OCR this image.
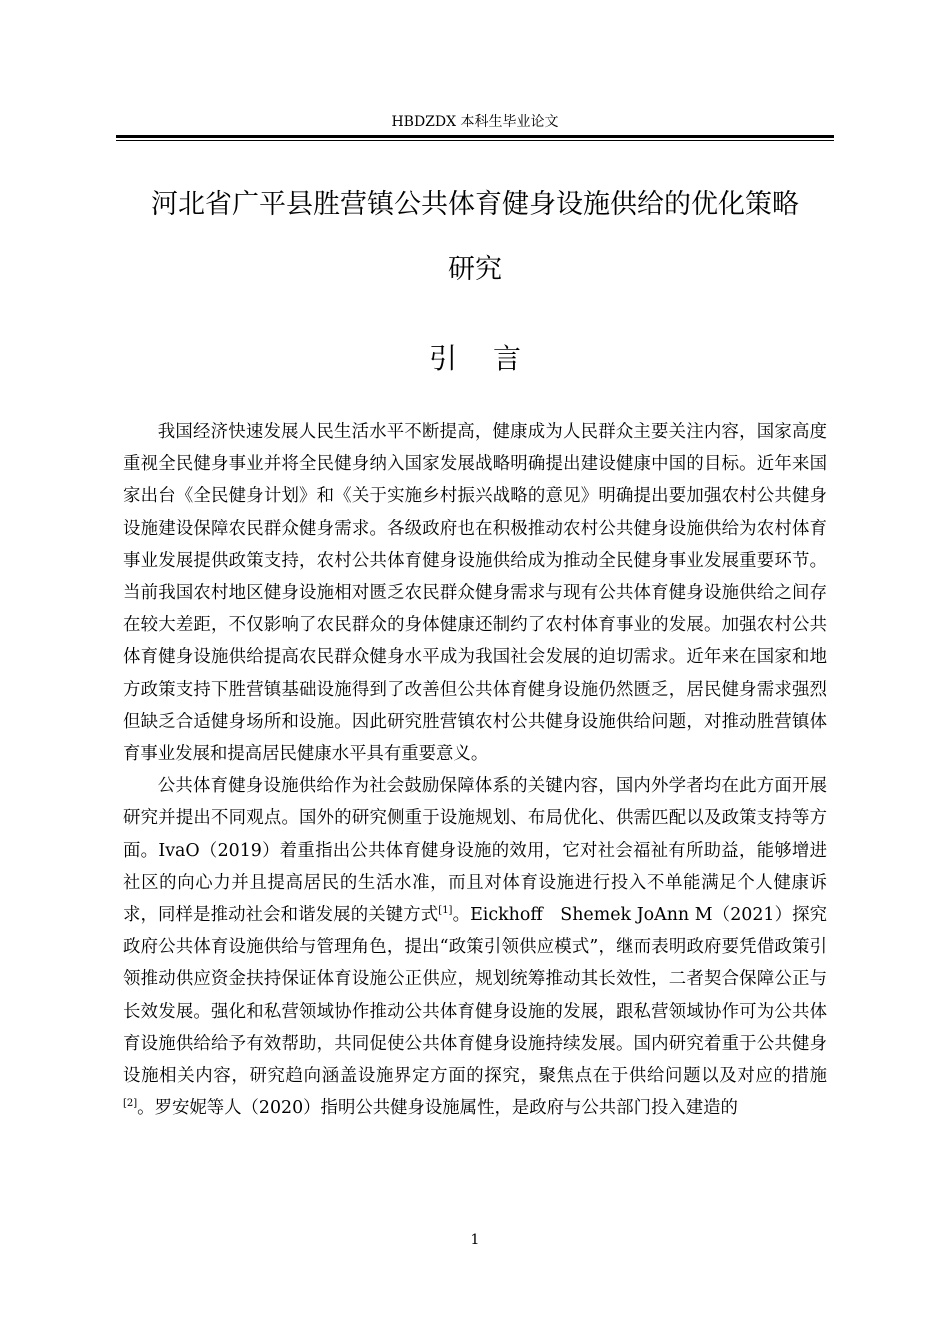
HBDZDX 本科生毕业论文
河北省广平县胜营镇公共体育健身设施供给的优化策略
研究
引言

我国经济快速发展人民生活水平不断提高，健康成为人民群众主要关注内容，国家高度重视全民健身事业并将全民健身纳入国家发展战略明确提出建设健康中国的目标。近年来国家出台《全民健身计划》和《关于实施乡村振兴战略的意见》明确提出要加强农村公共健身设施建设保障农民群众健身需求。各级政府也在积极推动农村公共健身设施供给为农村体育事业发展提供政策支持，农村公共体育健身设施供给成为推动全民健身事业发展重要环节。当前我国农村地区健身设施相对匮乏农民群众健身需求与现有公共体育健身设施供给之间存在较大差距，不仅影响了农民群众的身体健康还制约了农村体育事业的发展。加强农村公共体育健身设施供给提高农民群众健身水平成为我国社会发展的迫切需求。近年来在国家和地方政策支持下胜营镇基础设施得到了改善但公共体育健身设施仍然匮乏，居民健身需求强烈但缺乏合适健身场所和设施。因此研究胜营镇农村公共健身设施供给问题，对推动胜营镇体育事业发展和提高居民健康水平具有重要意义。

公共体育健身设施供给作为社会鼓励保障体系的关键内容，国内外学者均在此方面开展研究并提出不同观点。国外的研究侧重于设施规划、布局优化、供需匹配以及政策支持等方面。IvaO（2019）着重指出公共体育健身设施的效用，它对社会福祉有所助益，能够增进社区的向心力并且提高居民的生活水准，而且对体育设施进行投入不单能满足个人健康诉求，同样是推动社会和谐发展的关键方式[1]。Eickhoff　Shemek JoAnn M（2021）探究政府公共体育设施供给与管理角色，提出“政策引领供应模式”，继而表明政府要凭借政策引领推动供应资金扶持保证体育设施公正供应，规划统筹推动其长效性，二者契合保障公正与长效发展。强化和私营领域协作推动公共体育健身设施的发展，跟私营领域协作可为公共体育设施供给给予有效帮助，共同促使公共体育健身设施持续发展。国内研究着重于公共健身设施相关内容，研究趋向涵盖设施界定方面的探究，聚焦点在于供给问题以及对应的措施[2]。罗安妮等人（2020）指明公共健身设施属性，是政府与公共部门投入建造的

1
